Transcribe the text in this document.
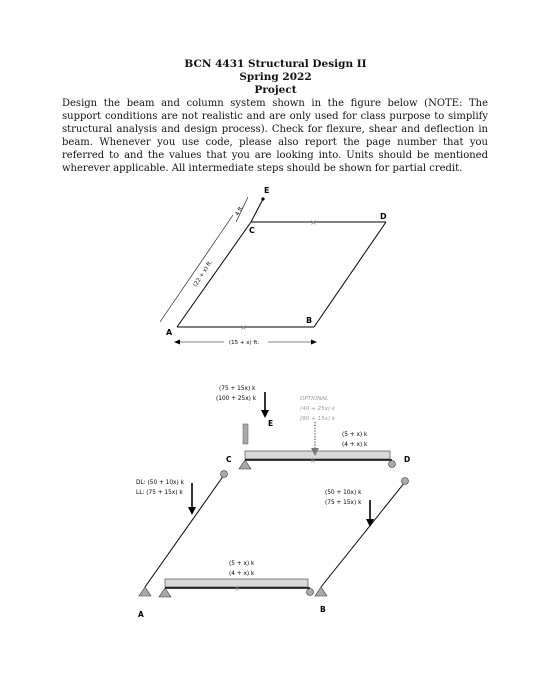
BCN 4431 Structural Design II
Spring 2022
Project
Design the beam and column system shown in the figure below (NOTE: The support conditions are not realistic and are only used for class purpose to simplify structural analysis and design process). Check for flexure, shear and deflection in beam. Whenever you use code, please also report the page number that you referred to and the values that you are looking into. Units should be mentioned wherever applicable. All intermediate steps should be shown for partial credit.
×
×
A
B
C
D
E
4 ft.
(22 + x) ft.
(15 + x) ft.
×
×
A
B
C	D
E
(75 + 15x) k
(100 + 25x) k	OPTIONAL
(40 + 25x) k
(90 + 15x) k
(5 + x) k
(4 + x) k
DL: (50 + 10x) k
LL: (75 + 15x) k	(50 + 10x) k
(75 + 15x) k
(5 + x) k
(4 + x) k
